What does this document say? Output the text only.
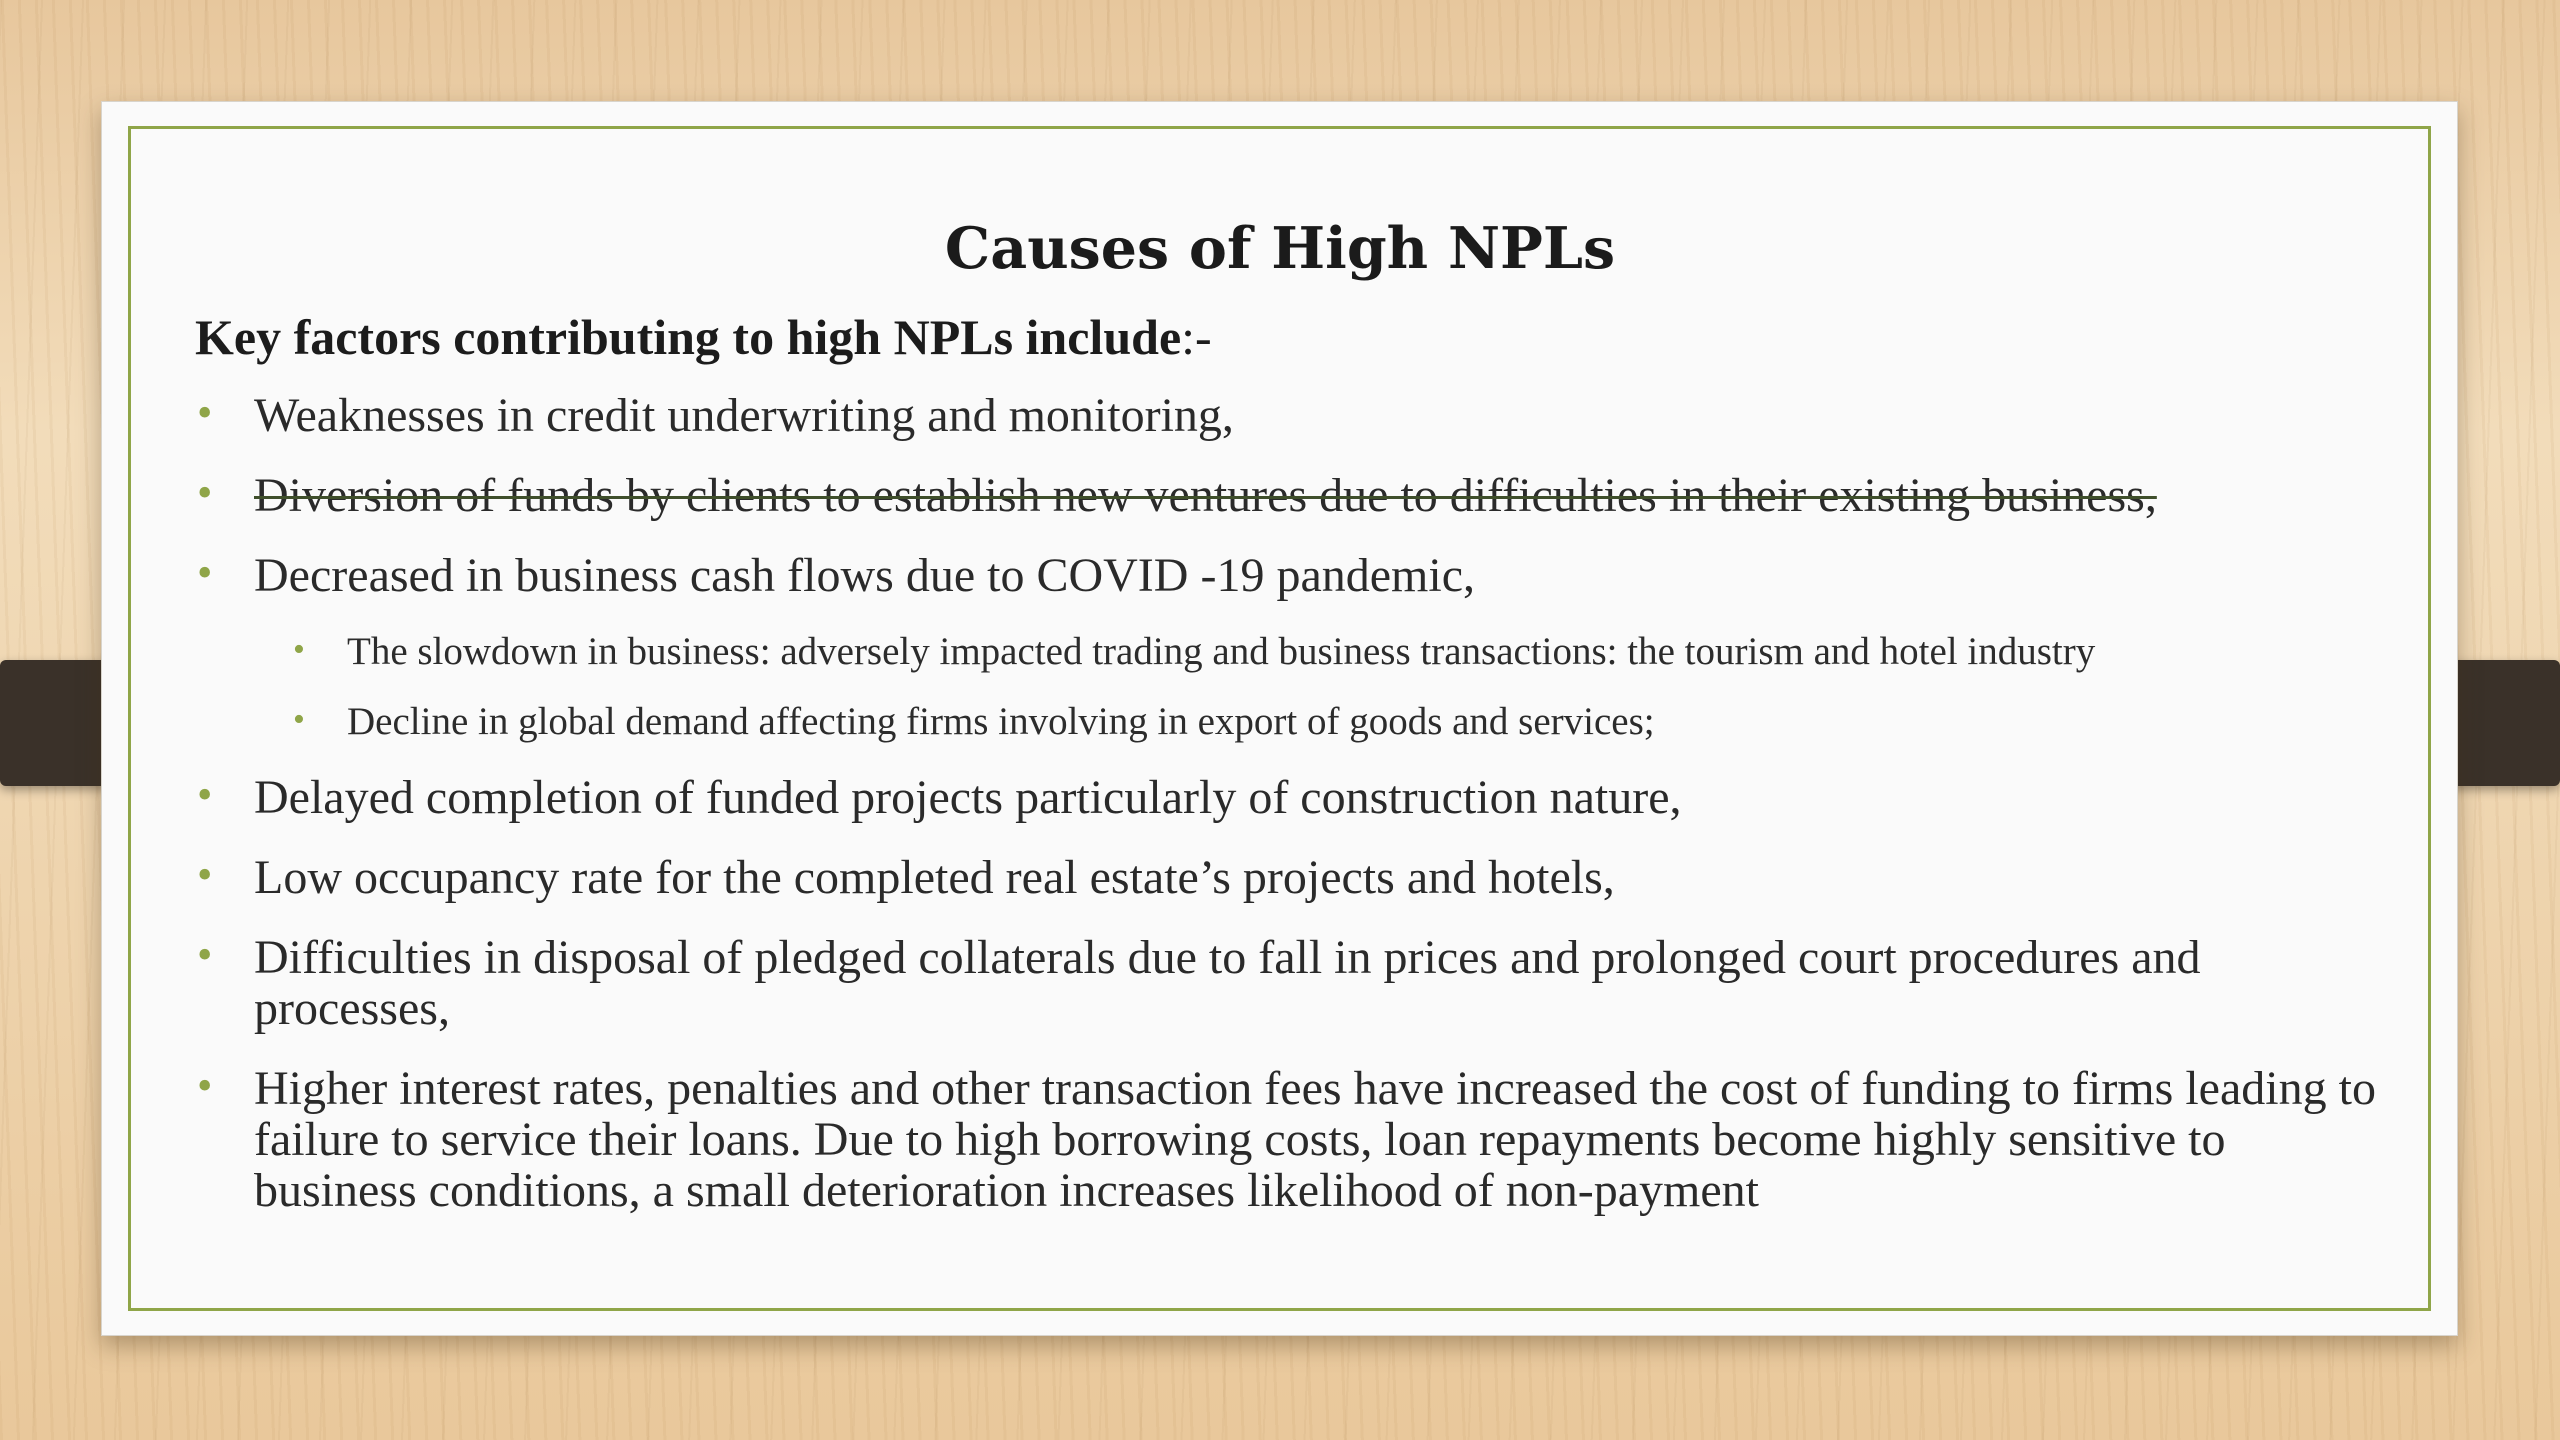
Causes of High NPLs
Key factors contributing to high NPLs include:-
• Weaknesses in credit underwriting and monitoring,
• Diversion of funds by clients to establish new ventures due to difficulties in their existing business,
• Decreased in business cash flows due to COVID -19 pandemic,
• The slowdown in business: adversely impacted trading and business transactions: the tourism and hotel industry
• Decline in global demand affecting firms involving in export of goods and services;
• Delayed completion of funded projects particularly of construction nature,
• Low occupancy rate for the completed real estate’s projects and hotels,
• Difficulties in disposal of pledged collaterals due to fall in prices and prolonged court procedures and processes,
• Higher interest rates, penalties and other transaction fees have increased the cost of funding to firms leading to failure to service their loans. Due to high borrowing costs, loan repayments become highly sensitive to business conditions, a small deterioration increases likelihood of non-payment
